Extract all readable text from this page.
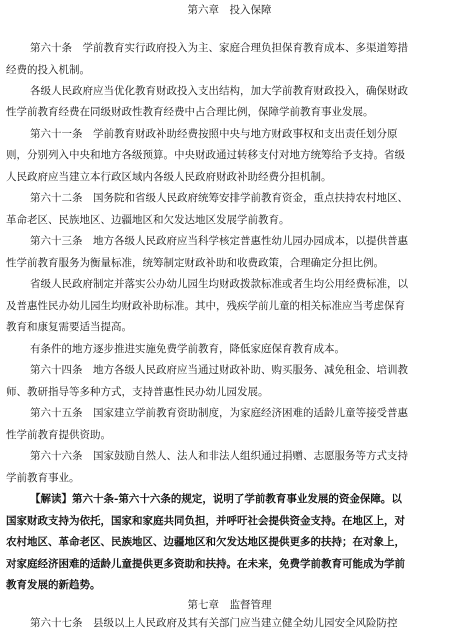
第六章　投入保障
第六十条　学前教育实行政府投入为主、家庭合理负担保育教育成本、多渠道筹措
经费的投入机制。
各级人民政府应当优化教育财政投入支出结构，加大学前教育财政投入，确保财政
性学前教育经费在同级财政性教育经费中占合理比例，保障学前教育事业发展。
第六十一条　学前教育财政补助经费按照中央与地方财政事权和支出责任划分原
则，分别列入中央和地方各级预算。中央财政通过转移支付对地方统筹给予支持。省级
人民政府应当建立本行政区域内各级人民政府财政补助经费分担机制。
第六十二条　国务院和省级人民政府统筹安排学前教育资金，重点扶持农村地区、
革命老区、民族地区、边疆地区和欠发达地区发展学前教育。
第六十三条　地方各级人民政府应当科学核定普惠性幼儿园办园成本，以提供普惠
性学前教育服务为衡量标准，统筹制定财政补助和收费政策，合理确定分担比例。
省级人民政府制定并落实公办幼儿园生均财政拨款标准或者生均公用经费标准，以
及普惠性民办幼儿园生均财政补助标准。其中，残疾学前儿童的相关标准应当考虑保育
教育和康复需要适当提高。
有条件的地方逐步推进实施免费学前教育，降低家庭保育教育成本。
第六十四条　地方各级人民政府应当通过财政补助、购买服务、减免租金、培训教
师、教研指导等多种方式，支持普惠性民办幼儿园发展。
第六十五条　国家建立学前教育资助制度，为家庭经济困难的适龄儿童等接受普惠
性学前教育提供资助。
第六十六条　国家鼓励自然人、法人和非法人组织通过捐赠、志愿服务等方式支持
学前教育事业。
【解读】第六十条-第六十六条的规定，说明了学前教育事业发展的资金保障。以
国家财政支持为依托，国家和家庭共同负担，并呼吁社会提供资金支持。在地区上，对
农村地区、革命老区、民族地区、边疆地区和欠发达地区提供更多的扶持；在对象上，
对家庭经济困难的适龄儿童提供更多资助和扶持。在未来，免费学前教育可能成为学前
教育发展的新趋势。
第七章　监督管理
第六十七条　县级以上人民政府及其有关部门应当建立健全幼儿园安全风险防控
